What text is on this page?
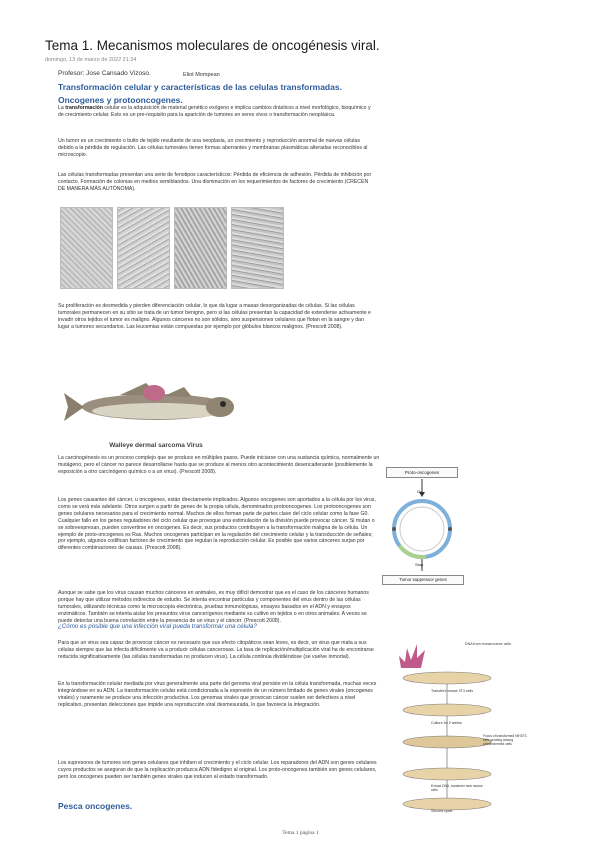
Tema 1. Mecanismos moleculares de oncogénesis viral.
domingo, 13 de marzo de 2022 21:34
Profesor: Jose Cansado Vizoso.	Eliot Mompean
Transformación celular y características de las celulas transformadas.
Oncogenes y protooncogenes.
La transformación celular es la adquisición de material genético exógeno e implica cambios drásticos a nivel morfológico, bioquímico y de crecimiento celular. Esto es un pre-requisito para la aparición de tumores en seres vivos o transformación neoplásica.
Un tumor es un crecimiento o bulto de tejido resultante de una neoplasia, un crecimiento y reproducción anormal de nuevas células debido a la pérdida de regulación. Las células tumorales tienen formas aberrantes y membranas plasmáticas alteradas reconocibles al microscopio.
Las células transformadas presentan una serie de fenotipos característicos: Pérdida de eficiencia de adhesión. Pérdida de inhibición por contacto. Formación de colonias en medios semiblandos. Una disminución en los requerimientos de factores de crecimiento (CRECEN DE MANERA MÁS AUTÓNOMA).
Su proliferación es desmedida y pierden diferenciación celular, lo que da lugar a masas desorganizadas de células. Si las células tumorales permanecen en su sitio se trata de un tumor benigno, pero si las células presentan la capacidad de extenderse activamente e invadir otros tejidos el tumor es maligno. Algunos cánceres no son sólidos, sino suspensiones celulares que flotan en la sangre y dan lugar a tumores secundarios. Las leucemias están compuestas por ejemplo por glóbulos blancos malignos. (Prescott 2008).
Walleye dermal sarcoma Virus
La carcinogénesis es un proceso complejo que se produce en múltiples pasos. Puede iniciarse con una sustancia química, normalmente un mutágeno, pero el cáncer no parece desarrollarse hasta que se produce al menos otro acontecimiento desencadenante (posiblemente la exposición a otro carcinógeno químico o a un virus). (Prescott 2008).
Los genes causantes del cáncer, u oncogenes, están directamente implicados. Algunos oncogenes son aportados a la célula por los virus, como se verá más adelante. Otros surgen a partir de genes de la propia célula, denominados protooncogenes. Los protooncogenes son genes celulares necesarios para el crecimiento normal. Muchos de ellos forman parte de partes clave del ciclo celular como la fase G0. Cualquier fallo en los genes reguladores del ciclo celular que provoque una estimulación de la división puede provocar cáncer. Si mutan o se sobreexpresan, pueden convertirse en oncogenes. Es decir, sus productos contribuyen a la transformación maligna de la célula. Un ejemplo de proto-oncogenes es Ras. Muchos oncogenes participan en la regulación del crecimiento celular y la transducción de señales; por ejemplo, algunos codifican factores de crecimiento que regulan la reproducción celular. Es posible que varios cánceres surjan por diferentes combinaciones de causas. (Prescott 2008).
Proto-oncogenes
Go
Stop
Tumor suppressor genes
Aunque se sabe que los virus causan muchos cánceres en animales, es muy difícil demostrar que es el caso de los cánceres humanos porque hay que utilizar métodos indirectos de estudio. Se intenta encontrar partículas y componentes del virus dentro de las células tumorales, utilizando técnicas como la microscopía electrónica, pruebas inmunológicas, ensayos basados en el ADN y ensayos enzimáticos. También se intenta aislar los presuntos virus cancerígenos mediante su cultivo en tejidos o en otros animales. A veces se puede detectar una buena correlación entre la presencia de un virus y el cáncer. (Prescott 2008).
¿Cómo es posible que una infección viral pueda transformar una célula?
Para que un virus sea capaz de provocar cáncer es necesario que sus efecto citopáticos sean leves, es decir, un virus que mata a sus células siempre que las infecta difícilmente va a producir células cancerosas. La tasa de replicación/multiplicación viral ha de encontrarse reducida significativamente (las células transformadas no producen virus). La célula continúa dividiéndose (se vuelve inmortal).
En la transformación celular mediada por virus generalmente una parte del genoma viral persiste en la célula transformada, muchas veces integrándose en su ADN. La transformación celular está condicionada a la expresión de un número limitado de genes virales (oncogenes virales) y raramente se produce una infección productiva. Los genomas virales que provocan cáncer suelen ser defectivos a nivel replicativo, presentan delecciones que impide una reproducción viral desmesurada, lo que favorece la integración.
Los supresores de tumores son genes celulares que inhiben el crecimiento y el ciclo celular. Los reparadores del ADN son genes celulares cuyos productos se aseguran de que la replicación produzca ADN fidedigno al original. Los proto-oncogenes también son genes celulares, pero los oncogenes pueden ser también genes virales que inducen al estado transformado.
Pesca oncogenes.
DNA from human tumor cells
Transfect mouse 3T3 cells
Culture for 2 weeks
Focus of transformed NIH3T3 cells growing among untransformed cells
Extract DNA, transform new mouse cells
Second cycle
Tema 1 página 1
